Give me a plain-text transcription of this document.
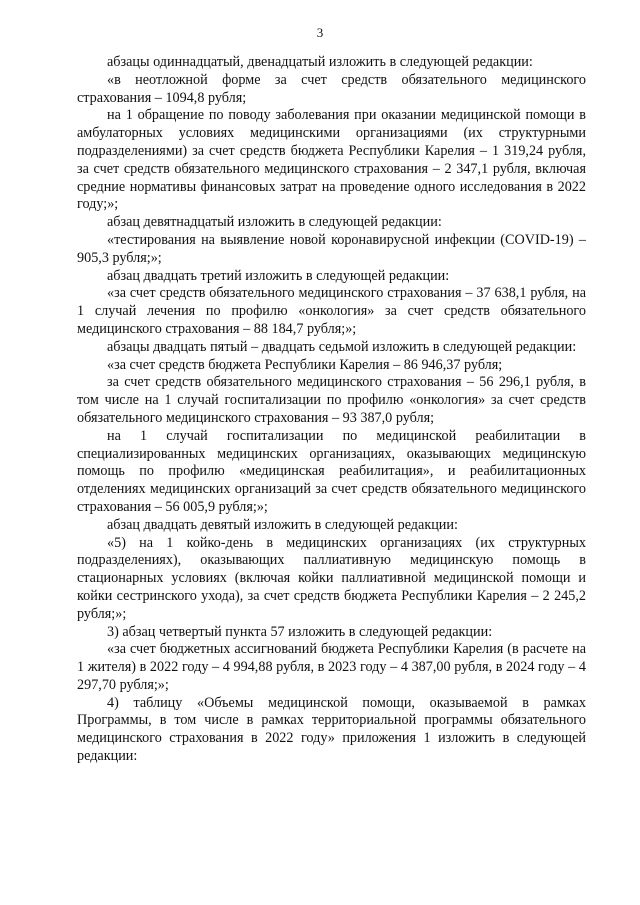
3

абзацы одиннадцатый, двенадцатый изложить в следующей редакции:

«в неотложной форме за счет средств обязательного медицинского страхования – 1094,8 рубля;

на 1 обращение по поводу заболевания при оказании медицинской помощи в амбулаторных условиях медицинскими организациями (их структурными подразделениями) за счет средств бюджета Республики Карелия – 1 319,24 рубля, за счет средств обязательного медицинского страхования – 2 347,1 рубля, включая средние нормативы финансовых затрат на проведение одного исследования в 2022 году;»;

абзац девятнадцатый изложить в следующей редакции:

«тестирования на выявление новой коронавирусной инфекции (COVID-19) – 905,3 рубля;»;

абзац двадцать третий изложить в следующей редакции:

«за счет средств обязательного медицинского страхования – 37 638,1 рубля, на 1 случай лечения по профилю «онкология» за счет средств обязательного медицинского страхования – 88 184,7 рубля;»;

абзацы двадцать пятый – двадцать седьмой изложить в следующей редакции:

«за счет средств бюджета Республики Карелия – 86 946,37 рубля;

за счет средств обязательного медицинского страхования – 56 296,1 рубля, в том числе на 1 случай госпитализации по профилю «онкология» за счет средств обязательного медицинского страхования – 93 387,0 рубля;

на 1 случай госпитализации по медицинской реабилитации в специализированных медицинских организациях, оказывающих медицинскую помощь по профилю «медицинская реабилитация», и реабилитационных отделениях медицинских организаций за счет средств обязательного медицинского страхования – 56 005,9 рубля;»;

абзац двадцать девятый изложить в следующей редакции:

«5) на 1 койко-день в медицинских организациях (их структурных подразделениях), оказывающих паллиативную медицинскую помощь в стационарных условиях (включая койки паллиативной медицинской помощи и койки сестринского ухода), за счет средств бюджета Республики Карелия – 2 245,2 рубля;»;

3) абзац четвертый пункта 57 изложить в следующей редакции:

«за счет бюджетных ассигнований бюджета Республики Карелия (в расчете на 1 жителя) в 2022 году – 4 994,88 рубля, в 2023 году – 4 387,00 рубля, в 2024 году – 4 297,70 рубля;»;

4) таблицу «Объемы медицинской помощи, оказываемой в рамках Программы, в том числе в рамках территориальной программы обязательного медицинского страхования в 2022 году» приложения 1 изложить в следующей редакции:
